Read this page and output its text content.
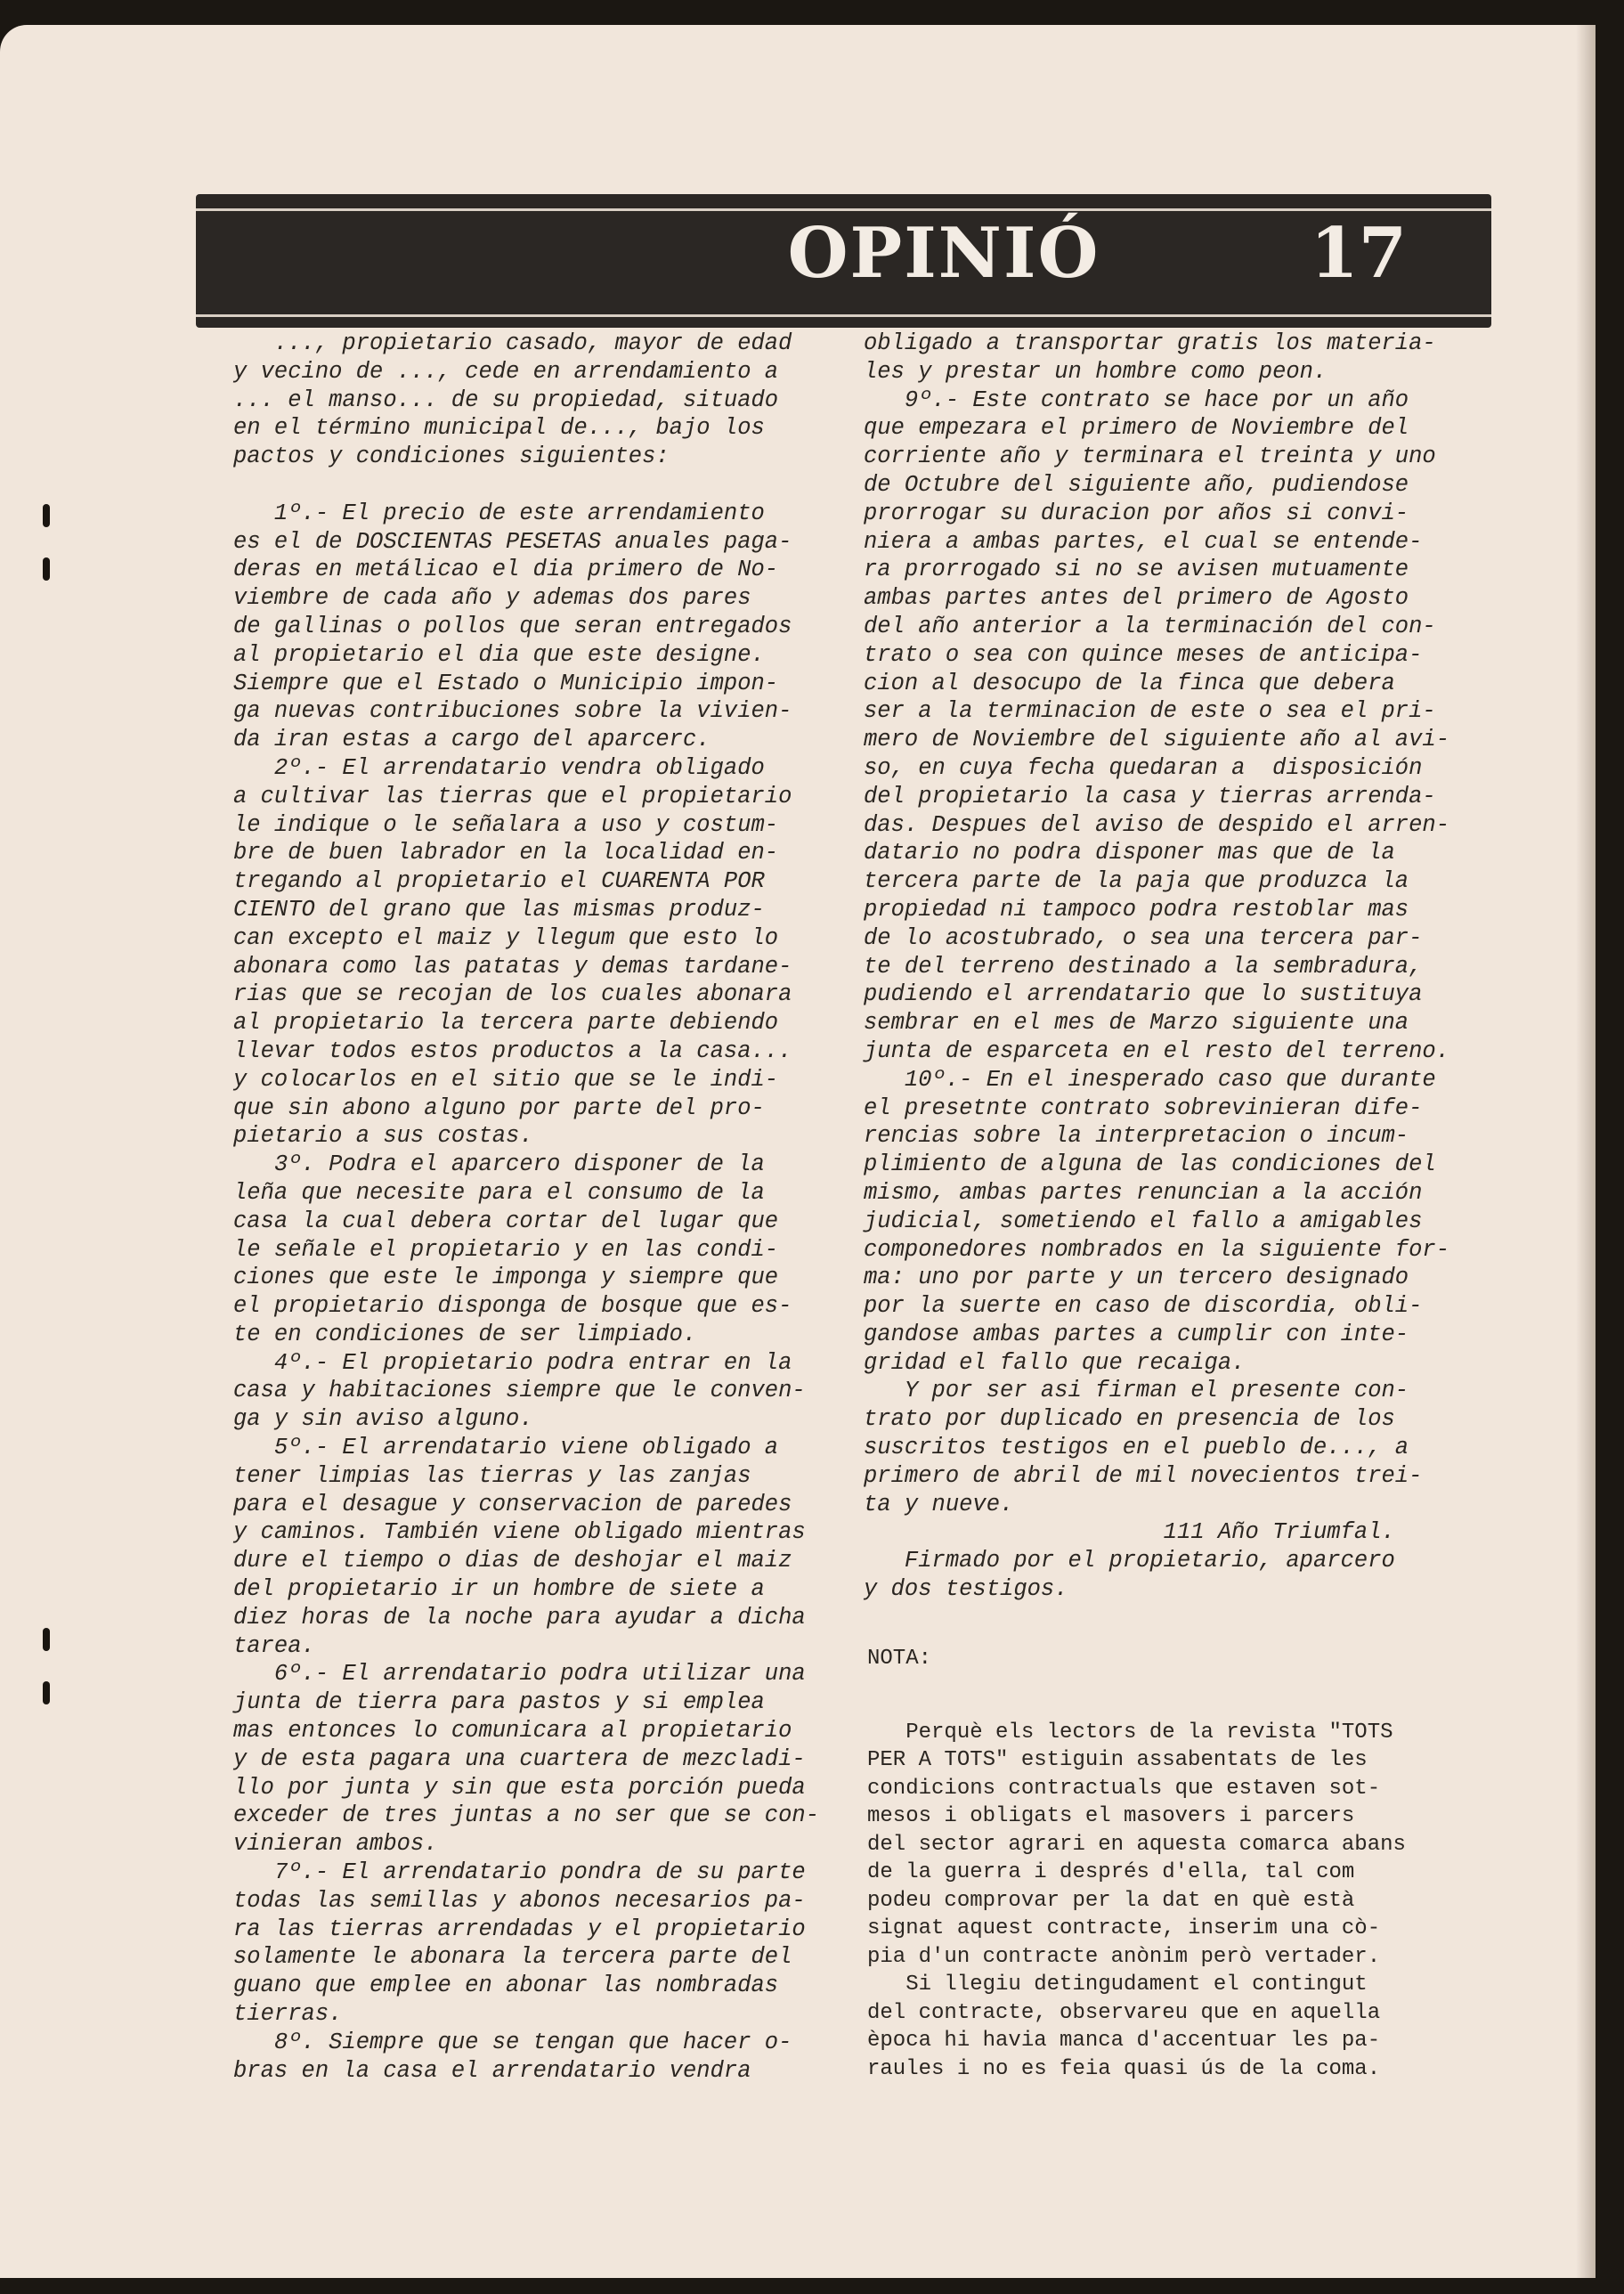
OPINIÓ	17
..., propietario casado, mayor de edad
y vecino de ..., cede en arrendamiento a
... el manso... de su propiedad, situado
en el término municipal de..., bajo los
pactos y condiciones siguientes:

1º.- El precio de este arrendamiento
es el de DOSCIENTAS PESETAS anuales paga-
deras en metálicao el dia primero de No-
viembre de cada año y ademas dos pares
de gallinas o pollos que seran entregados
al propietario el dia que este designe.
Siempre que el Estado o Municipio impon-
ga nuevas contribuciones sobre la vivien-
da iran estas a cargo del aparcerc.
2º.- El arrendatario vendra obligado
a cultivar las tierras que el propietario
le indique o le señalara a uso y costum-
bre de buen labrador en la localidad en-
tregando al propietario el CUARENTA POR
CIENTO del grano que las mismas produz-
can excepto el maiz y llegum que esto lo
abonara como las patatas y demas tardane-
rias que se recojan de los cuales abonara
al propietario la tercera parte debiendo
llevar todos estos productos a la casa...
y colocarlos en el sitio que se le indi-
que sin abono alguno por parte del pro-
pietario a sus costas.
3º. Podra el aparcero disponer de la
leña que necesite para el consumo de la
casa la cual debera cortar del lugar que
le señale el propietario y en las condi-
ciones que este le imponga y siempre que
el propietario disponga de bosque que es-
te en condiciones de ser limpiado.
4º.- El propietario podra entrar en la
casa y habitaciones siempre que le conven-
ga y sin aviso alguno.
5º.- El arrendatario viene obligado a
tener limpias las tierras y las zanjas
para el desague y conservacion de paredes
y caminos. También viene obligado mientras
dure el tiempo o dias de deshojar el maiz
del propietario ir un hombre de siete a
diez horas de la noche para ayudar a dicha
tarea.
6º.- El arrendatario podra utilizar una
junta de tierra para pastos y si emplea
mas entonces lo comunicara al propietario
y de esta pagara una cuartera de mezcladi-
llo por junta y sin que esta porción pueda
exceder de tres juntas a no ser que se con-
vinieran ambos.
7º.- El arrendatario pondra de su parte
todas las semillas y abonos necesarios pa-
ra las tierras arrendadas y el propietario
solamente le abonara la tercera parte del
guano que emplee en abonar las nombradas
tierras.
8º. Siempre que se tengan que hacer o-
bras en la casa el arrendatario vendra
obligado a transportar gratis los materia-
les y prestar un hombre como peon.
9º.- Este contrato se hace por un año
que empezara el primero de Noviembre del
corriente año y terminara el treinta y uno
de Octubre del siguiente año, pudiendose
prorrogar su duracion por años si convi-
niera a ambas partes, el cual se entende-
ra prorrogado si no se avisen mutuamente
ambas partes antes del primero de Agosto
del año anterior a la terminación del con-
trato o sea con quince meses de anticipa-
cion al desocupo de la finca que debera
ser a la terminacion de este o sea el pri-
mero de Noviembre del siguiente año al avi-
so, en cuya fecha quedaran a  disposición
del propietario la casa y tierras arrenda-
das. Despues del aviso de despido el arren-
datario no podra disponer mas que de la
tercera parte de la paja que produzca la
propiedad ni tampoco podra restoblar mas
de lo acostubrado, o sea una tercera par-
te del terreno destinado a la sembradura,
pudiendo el arrendatario que lo sustituya
sembrar en el mes de Marzo siguiente una
junta de esparceta en el resto del terreno.
10º.- En el inesperado caso que durante
el presetnte contrato sobrevinieran dife-
rencias sobre la interpretacion o incum-
plimiento de alguna de las condiciones del
mismo, ambas partes renuncian a la acción
judicial, sometiendo el fallo a amigables
componedores nombrados en la siguiente for-
ma: uno por parte y un tercero designado
por la suerte en caso de discordia, obli-
gandose ambas partes a cumplir con inte-
gridad el fallo que recaiga.
Y por ser asi firman el presente con-
trato por duplicado en presencia de los
suscritos testigos en el pueblo de..., a
primero de abril de mil novecientos trei-
ta y nueve.
111 Año Triumfal.
Firmado por el propietario, aparcero
y dos testigos.
NOTA:

Perquè els lectors de la revista "TOTS
PER A TOTS" estiguin assabentats de les
condicions contractuals que estaven sot-
mesos i obligats el masovers i parcers
del sector agrari en aquesta comarca abans
de la guerra i després d'ella, tal com
podeu comprovar per la dat en què està
signat aquest contracte, inserim una cò-
pia d'un contracte anònim però vertader.
Si llegiu detingudament el contingut
del contracte, observareu que en aquella
època hi havia manca d'accentuar les pa-
raules i no es feia quasi ús de la coma.
